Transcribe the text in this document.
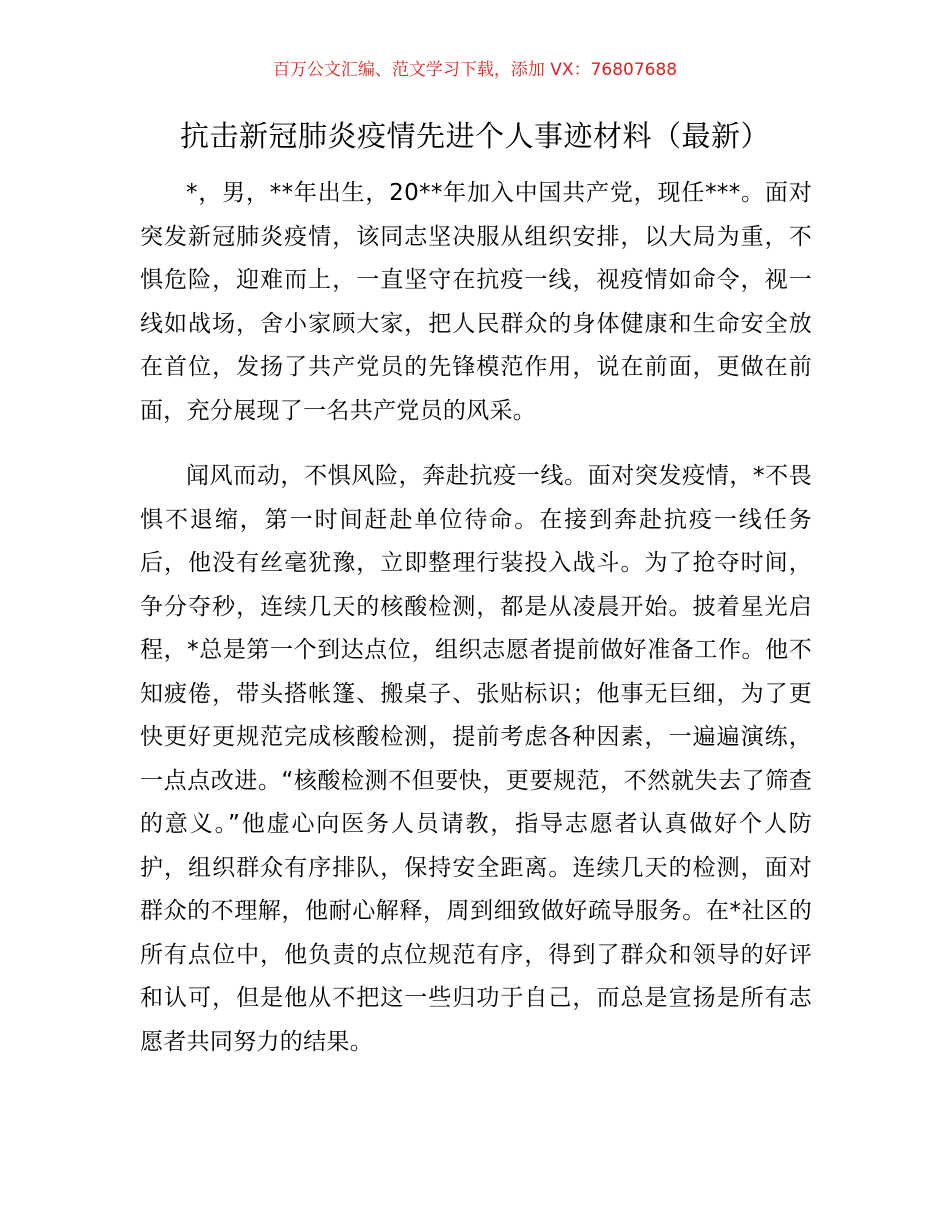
百万公文汇编、范文学习下载，添加 VX：76807688
抗击新冠肺炎疫情先进个人事迹材料（最新）

*，男，**年出生，20**年加入中国共产党，现任***。面对突发新冠肺炎疫情，该同志坚决服从组织安排，以大局为重，不惧危险，迎难而上，一直坚守在抗疫一线，视疫情如命令，视一线如战场，舍小家顾大家，把人民群众的身体健康和生命安全放在首位，发扬了共产党员的先锋模范作用，说在前面，更做在前面，充分展现了一名共产党员的风采。

闻风而动，不惧风险，奔赴抗疫一线。面对突发疫情，*不畏惧不退缩，第一时间赶赴单位待命。在接到奔赴抗疫一线任务后，他没有丝毫犹豫，立即整理行装投入战斗。为了抢夺时间，争分夺秒，连续几天的核酸检测，都是从凌晨开始。披着星光启程，*总是第一个到达点位，组织志愿者提前做好准备工作。他不知疲倦，带头搭帐篷、搬桌子、张贴标识；他事无巨细，为了更快更好更规范完成核酸检测，提前考虑各种因素，一遍遍演练，一点点改进。“核酸检测不但要快，更要规范，不然就失去了筛查的意义。”他虚心向医务人员请教，指导志愿者认真做好个人防护，组织群众有序排队，保持安全距离。连续几天的检测，面对群众的不理解，他耐心解释，周到细致做好疏导服务。在*社区的所有点位中，他负责的点位规范有序，得到了群众和领导的好评和认可，但是他从不把这一些归功于自己，而总是宣扬是所有志愿者共同努力的结果。
